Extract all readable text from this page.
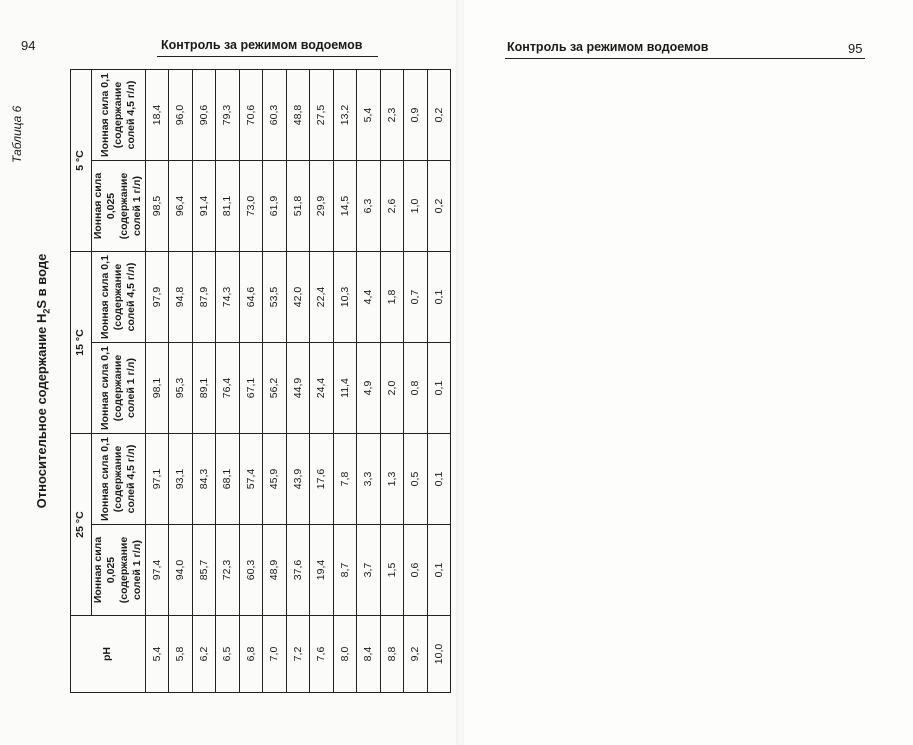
94	Контроль за режимом водоемов	Контроль за режимом водоемов	95
Таблица 6
Относительное содержание $H_2S$ в воде
pH	25 °C		15 °C		5 °C	
	Ионная сила 0,025 (содержание солей 1 г/л)	Ионная сила 0,1 (содержание солей 4,5 г/л)	Ионная сила 0,1 (содержание солей 1 г/л)	Ионная сила 0,1 (содержание солей 4,5 г/л)	Ионная сила 0,025 (содержание солей 1 г/л)	Ионная сила 0,1 (содержание солей 4,5 г/л)
5,4	97,4	97,1	98,1	97,9	98,5	18,4
5,8	94,0	93,1	95,3	94,8	96,4	96,0
6,2	85,7	84,3	89,1	87,9	91,4	90,6
6,5	72,3	68,1	76,4	74,3	81,1	79,3
6,8	60,3	57,4	67,1	64,6	73,0	70,6
7,0	48,9	45,9	56,2	53,5	61,9	60,3
7,2	37,6	43,9	44,9	42,0	51,8	48,8
7,6	19,4	17,6	24,4	22,4	29,9	27,5
8,0	8,7	7,8	11,4	10,3	14,5	13,2
8,4	3,7	3,3	4,9	4,4	6,3	5,4
8,8	1,5	1,3	2,0	1,8	2,6	2,3
9,2	0,6	0,5	0,8	0,7	1,0	0,9
10,0	0,1	0,1	0,1	0,1	0,2	0,2
